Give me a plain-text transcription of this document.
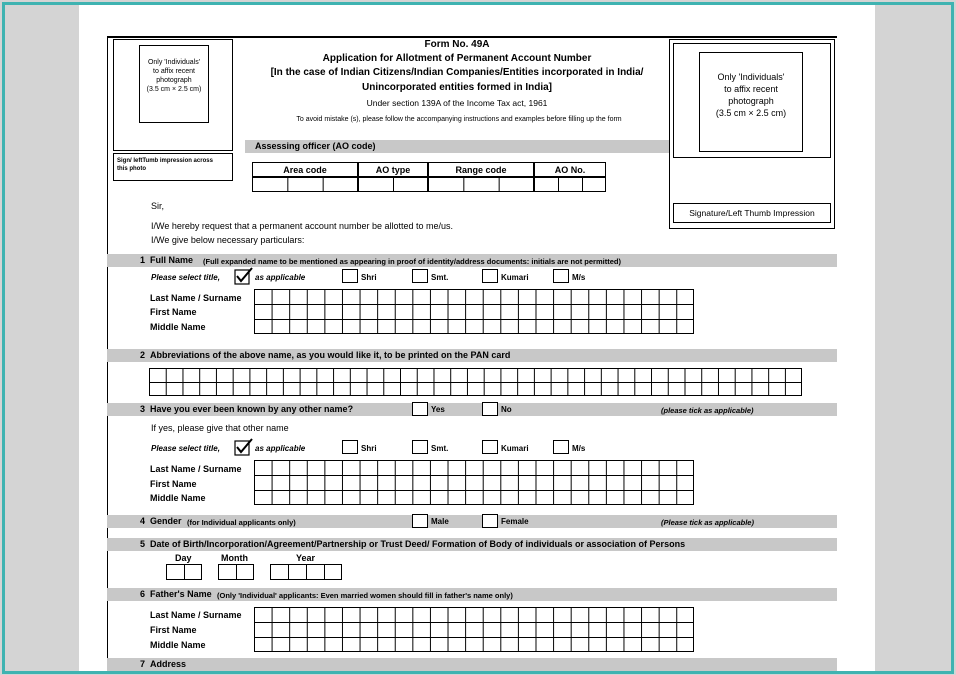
Only 'Individuals'
to affix recent
photograph
(3.5 cm × 2.5 cm)
Sign/ leftTumb impression across
this photo
Form No. 49A
Application for Allotment of Permanent Account Number
[In the case of Indian Citizens/Indian Companies/Entities incorporated in India/
Unincorporated entities formed in India]
Under section 139A of the Income Tax act, 1961
To avoid mistake (s), please follow the accompanying instructions and examples before filling up the form
Only 'Individuals'
to affix recent
photograph
(3.5 cm × 2.5 cm)
Signature/Left Thumb Impression
Assessing officer (AO code)
Area code	AO type	Range code	AO No.
Sir,
I/We hereby request that a permanent account number be allotted to me/us.
I/We give below necessary particulars:
1 Full Name (Full expanded name to be mentioned as appearing in proof of identity/address documents: initials are not permitted)
Please select title,	as applicable	Shri	Smt.	Kumari	M/s
Last Name / Surname
First Name
Middle Name
2 Abbreviations of the above name, as you would like it, to be printed on the PAN card
3 Have you ever been known by any other name?	(please tick as applicable)
Yes	No
If yes, please give that other name
Please select title,	as applicable	Shri	Smt.	Kumari	M/s
Last Name / Surname
First Name
Middle Name
4 Gender (for Individual applicants only)	(Please tick as applicable)
Male	Female
5 Date of Birth/Incorporation/Agreement/Partnership or Trust Deed/ Formation of Body of individuals or association of Persons
Day	Month	Year
6 Father's Name (Only 'Individual' applicants: Even married women should fill in father's name only)
Last Name / Surname
First Name
Middle Name
7 Address
